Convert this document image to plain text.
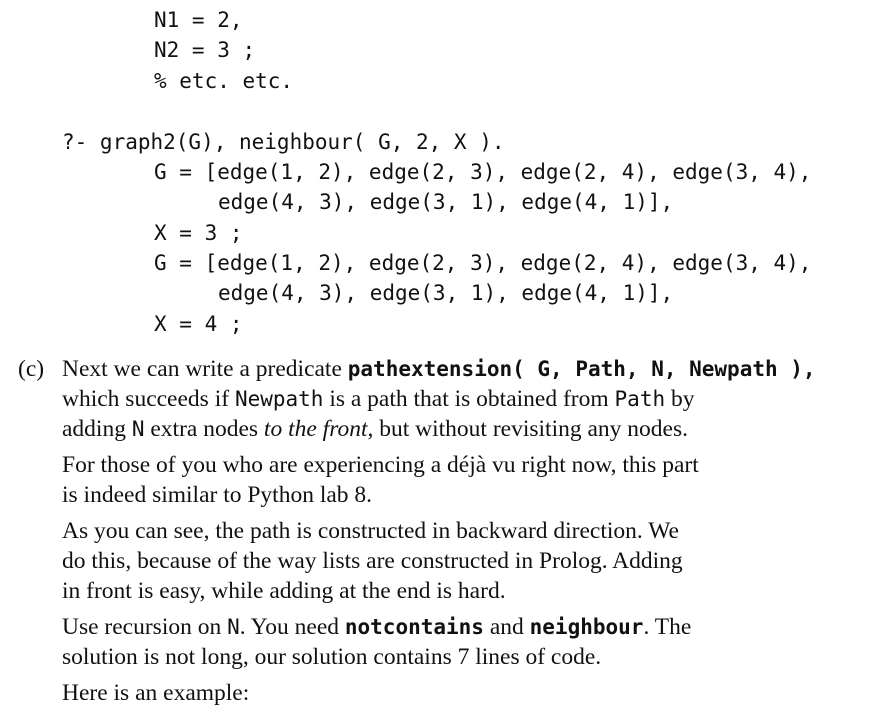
N1 = 2,
N2 = 3 ;
% etc. etc.
?- graph2(G), neighbour( G, 2, X ).
G = [edge(1, 2), edge(2, 3), edge(2, 4), edge(3, 4),
edge(4, 3), edge(3, 1), edge(4, 1)],
X = 3 ;
G = [edge(1, 2), edge(2, 3), edge(2, 4), edge(3, 4),
edge(4, 3), edge(3, 1), edge(4, 1)],
X = 4 ;
(c) Next we can write a predicate pathextension( G, Path, N, Newpath ),
which succeeds if Newpath is a path that is obtained from Path by
adding N extra nodes to the front, but without revisiting any nodes.
For those of you who are experiencing a déjà vu right now, this part
is indeed similar to Python lab 8.
As you can see, the path is constructed in backward direction. We
do this, because of the way lists are constructed in Prolog. Adding
in front is easy, while adding at the end is hard.
Use recursion on N. You need notcontains and neighbour. The
solution is not long, our solution contains 7 lines of code.
Here is an example:
